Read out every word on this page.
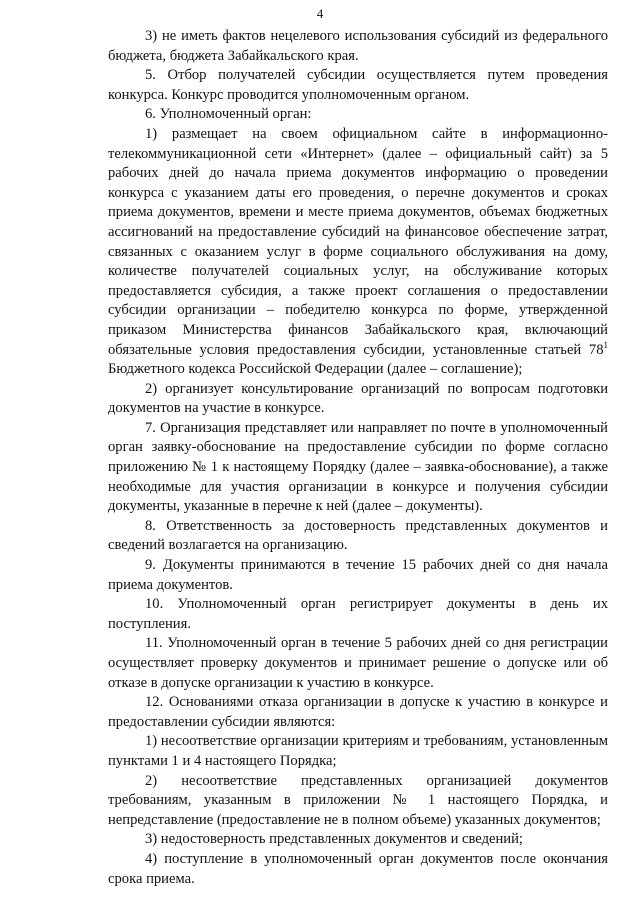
4

3) не иметь фактов нецелевого использования субсидий из федерального бюджета, бюджета Забайкальского края.

5. Отбор получателей субсидии осуществляется путем проведения конкурса. Конкурс проводится уполномоченным органом.

6. Уполномоченный орган:

1) размещает на своем официальном сайте в информационно-телекоммуникационной сети «Интернет» (далее – официальный сайт) за 5 рабочих дней до начала приема документов информацию о проведении конкурса с указанием даты его проведения, о перечне документов и сроках приема документов, времени и месте приема документов, объемах бюджетных ассигнований на предоставление субсидий на финансовое обеспечение затрат, связанных с оказанием услуг в форме социального обслуживания на дому, количестве получателей социальных услуг, на обслуживание которых предоставляется субсидия, а также проект соглашения о предоставлении субсидии организации – победителю конкурса по форме, утвержденной приказом Министерства финансов Забайкальского края, включающий обязательные условия предоставления субсидии, установленные статьей $78^1$ Бюджетного кодекса Российской Федерации (далее – соглашение);

2) организует консультирование организаций по вопросам подготовки документов на участие в конкурсе.

7. Организация представляет или направляет по почте в уполномоченный орган заявку-обоснование на предоставление субсидии по форме согласно приложению № 1 к настоящему Порядку (далее – заявка-обоснование), а также необходимые для участия организации в конкурсе и получения субсидии документы, указанные в перечне к ней (далее – документы).

8. Ответственность за достоверность представленных документов и сведений возлагается на организацию.

9. Документы принимаются в течение 15 рабочих дней со дня начала приема документов.

10. Уполномоченный орган регистрирует документы в день их поступления.

11. Уполномоченный орган в течение 5 рабочих дней со дня регистрации осуществляет проверку документов и принимает решение о допуске или об отказе в допуске организации к участию в конкурсе.

12. Основаниями отказа организации в допуске к участию в конкурсе и предоставлении субсидии являются:

1) несоответствие организации критериям и требованиям, установленным пунктами 1 и 4 настоящего Порядка;

2) несоответствие представленных организацией документов требованиям, указанным в приложении № 1 настоящего Порядка, и непредставление (предоставление не в полном объеме) указанных документов;

3) недостоверность представленных документов и сведений;

4) поступление в уполномоченный орган документов после окончания срока приема.
